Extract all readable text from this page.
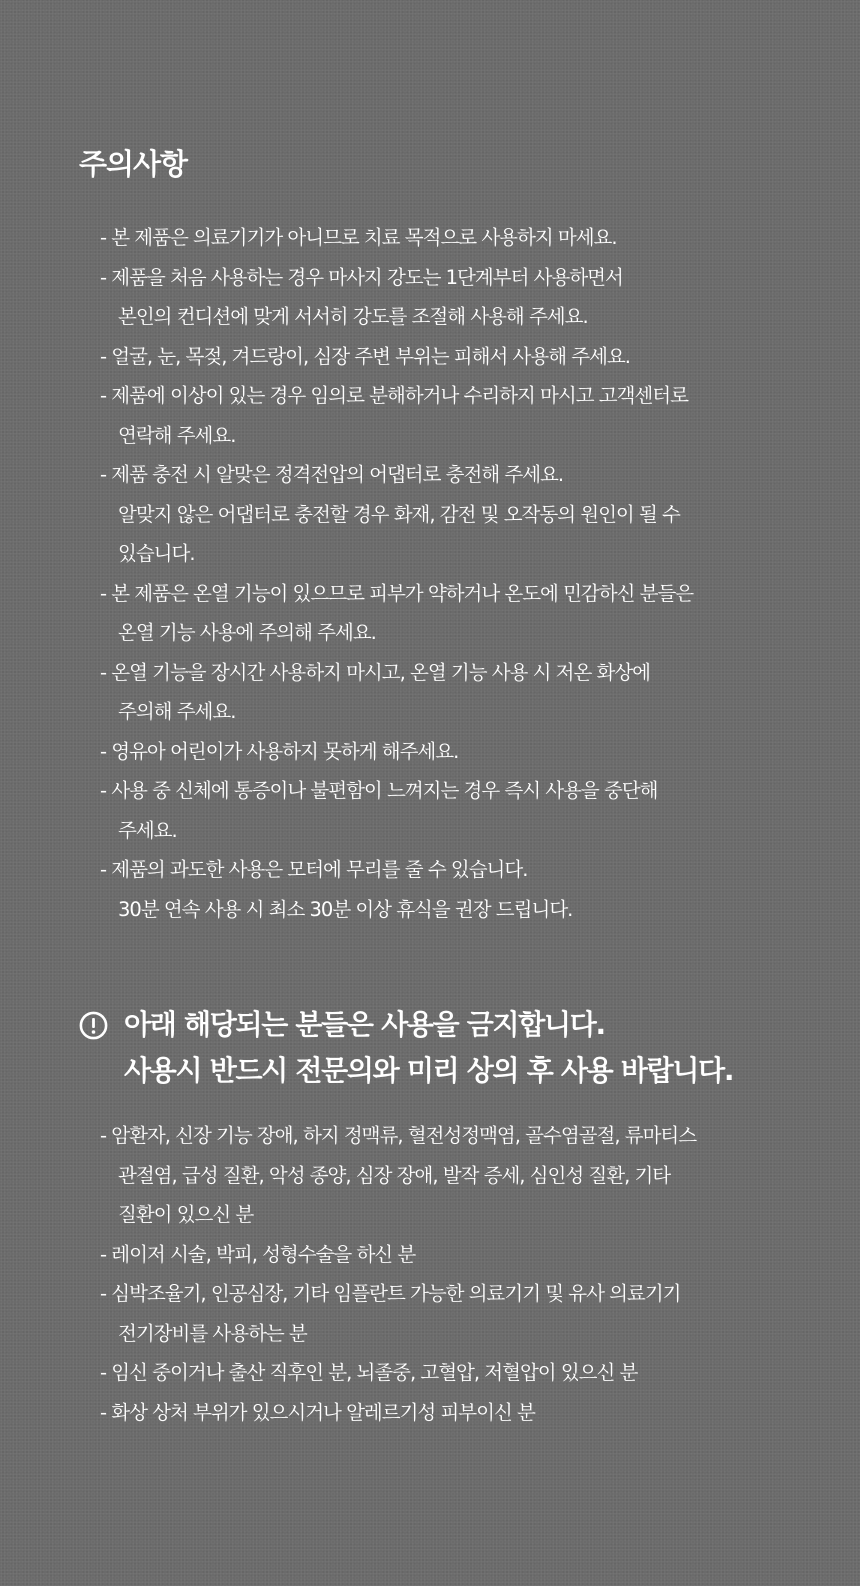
주의사항
- 본 제품은 의료기기가 아니므로 치료 목적으로 사용하지 마세요.
- 제품을 처음 사용하는 경우 마사지 강도는 1단계부터 사용하면서
본인의 컨디션에 맞게 서서히 강도를 조절해 사용해 주세요.
- 얼굴, 눈, 목젖, 겨드랑이, 심장 주변 부위는 피해서 사용해 주세요.
- 제품에 이상이 있는 경우 임의로 분해하거나 수리하지 마시고 고객센터로
연락해 주세요.
- 제품 충전 시 알맞은 정격전압의 어댑터로 충전해 주세요.
알맞지 않은 어댑터로 충전할 경우 화재, 감전 및 오작동의 원인이 될 수
있습니다.
- 본 제품은 온열 기능이 있으므로 피부가 약하거나 온도에 민감하신 분들은
온열 기능 사용에 주의해 주세요.
- 온열 기능을 장시간 사용하지 마시고, 온열 기능 사용 시 저온 화상에
주의해 주세요.
- 영유아 어린이가 사용하지 못하게 해주세요.
- 사용 중 신체에 통증이나 불편함이 느껴지는 경우 즉시 사용을 중단해
주세요.
- 제품의 과도한 사용은 모터에 무리를 줄 수 있습니다.
30분 연속 사용 시 최소 30분 이상 휴식을 권장 드립니다.

아래 해당되는 분들은 사용을 금지합니다.
사용시 반드시 전문의와 미리 상의 후 사용 바랍니다.

- 암환자, 신장 기능 장애, 하지 정맥류, 혈전성정맥염, 골수염골절, 류마티스
관절염, 급성 질환, 악성 종양, 심장 장애, 발작 증세, 심인성 질환, 기타
질환이 있으신 분
- 레이저 시술, 박피, 성형수술을 하신 분
- 심박조율기, 인공심장, 기타 임플란트 가능한 의료기기 및 유사 의료기기
전기장비를 사용하는 분
- 임신 중이거나 출산 직후인 분, 뇌졸중, 고혈압, 저혈압이 있으신 분
- 화상 상처 부위가 있으시거나 알레르기성 피부이신 분
